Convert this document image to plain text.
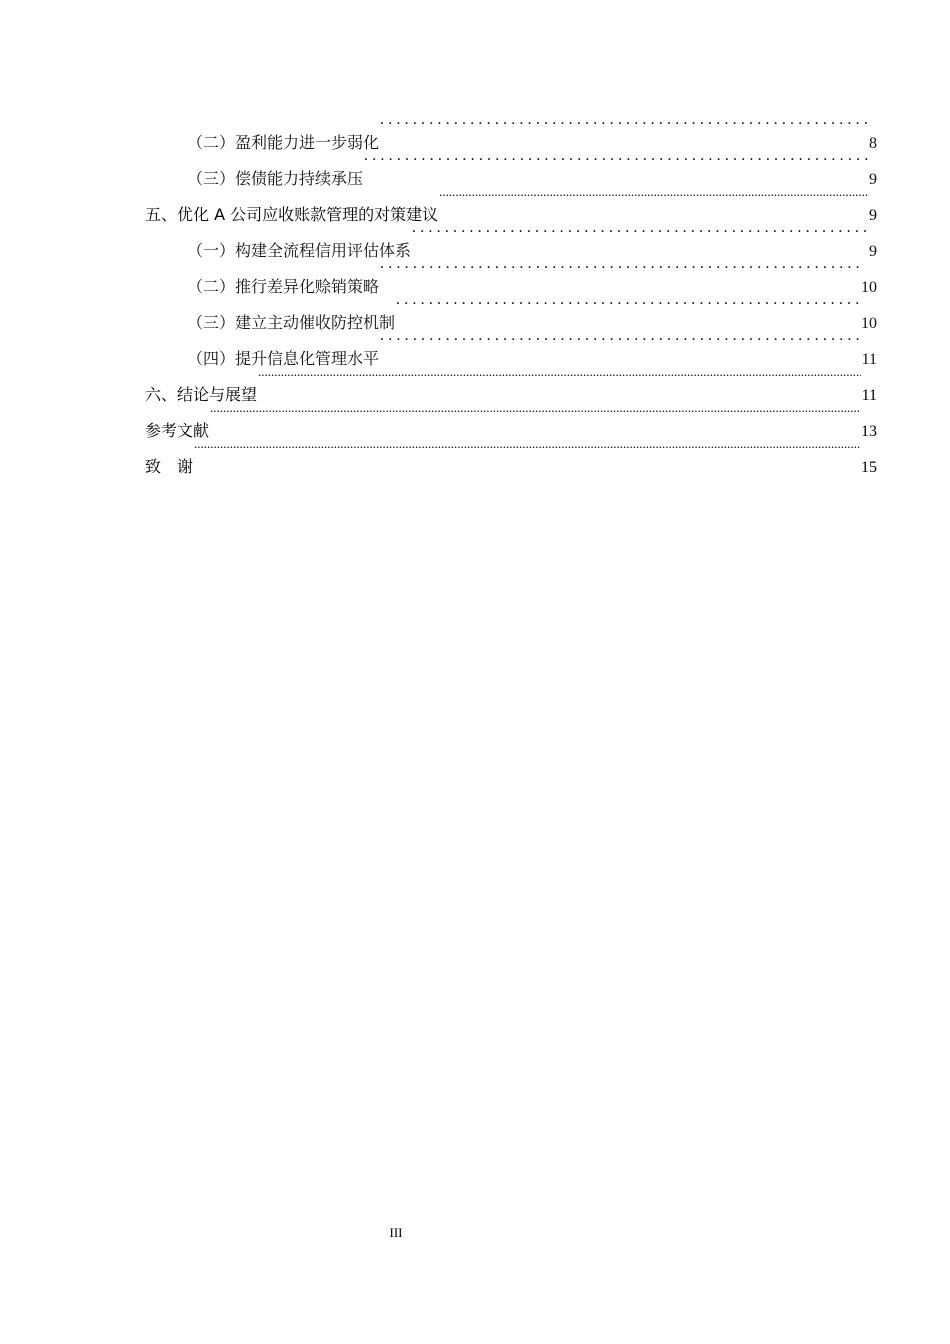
（二）盈利能力进一步弱化 .....	8
（三）偿债能力持续承压 .....	9
五、优化 A 公司应收账款管理的对策建议 .....	9
（一）构建全流程信用评估体系 .....	9
（二）推行差异化赊销策略 .....	10
（三）建立主动催收防控机制 .....	10
（四）提升信息化管理水平 .....	11
六、结论与展望 .....	11
参考文献 .....	13
致　谢 .....	15
III
